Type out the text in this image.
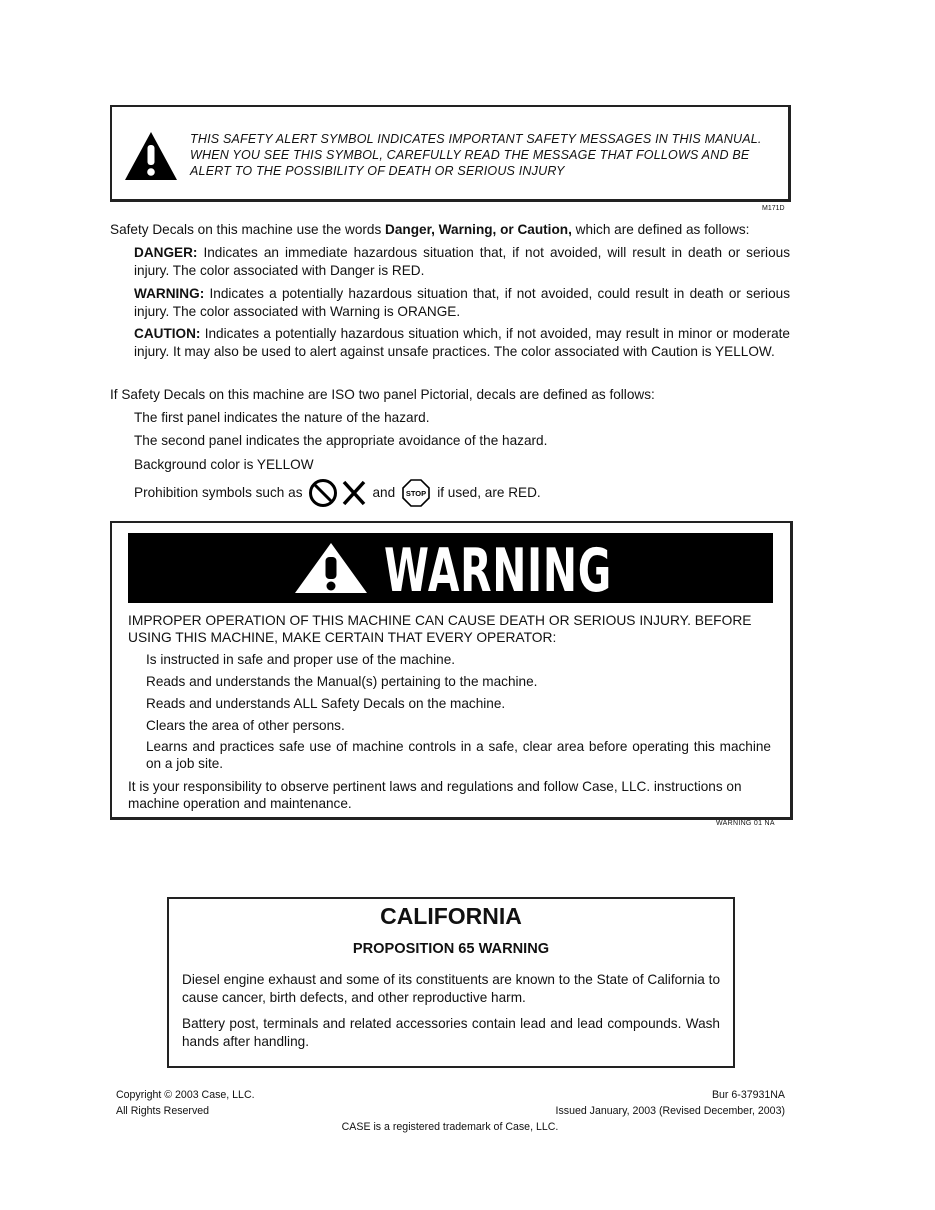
THIS SAFETY ALERT SYMBOL INDICATES IMPORTANT SAFETY MESSAGES IN THIS MANUAL. WHEN YOU SEE THIS SYMBOL, CAREFULLY READ THE MESSAGE THAT FOLLOWS AND BE ALERT TO THE POSSIBILITY OF DEATH OR SERIOUS INJURY
M171D
Safety Decals on this machine use the words Danger, Warning, or Caution, which are defined as follows:
DANGER: Indicates an immediate hazardous situation that, if not avoided, will result in death or serious injury. The color associated with Danger is RED.
WARNING: Indicates a potentially hazardous situation that, if not avoided, could result in death or serious injury. The color associated with Warning is ORANGE.
CAUTION: Indicates a potentially hazardous situation which, if not avoided, may result in minor or moderate injury. It may also be used to alert against unsafe practices. The color associated with Caution is YELLOW.
If Safety Decals on this machine are ISO two panel Pictorial, decals are defined as follows:
The first panel indicates the nature of the hazard.
The second panel indicates the appropriate avoidance of the hazard.
Background color is YELLOW
Prohibition symbols such as	and STOP if used, are RED.
WARNING
IMPROPER OPERATION OF THIS MACHINE CAN CAUSE DEATH OR SERIOUS INJURY. BEFORE USING THIS MACHINE, MAKE CERTAIN THAT EVERY OPERATOR:
Is instructed in safe and proper use of the machine.
Reads and understands the Manual(s) pertaining to the machine.
Reads and understands ALL Safety Decals on the machine.
Clears the area of other persons.
Learns and practices safe use of machine controls in a safe, clear area before operating this machine on a job site.
It is your responsibility to observe pertinent laws and regulations and follow Case, LLC. instructions on machine operation and maintenance.
WARNING 01 NA
CALIFORNIA
PROPOSITION 65 WARNING
Diesel engine exhaust and some of its constituents are known to the State of California to cause cancer, birth defects, and other reproductive harm.
Battery post, terminals and related accessories contain lead and lead compounds. Wash hands after handling.
Copyright © 2003 Case, LLC.
All Rights Reserved
Bur 6-37931NA
Issued January, 2003 (Revised December, 2003)
CASE is a registered trademark of Case, LLC.
